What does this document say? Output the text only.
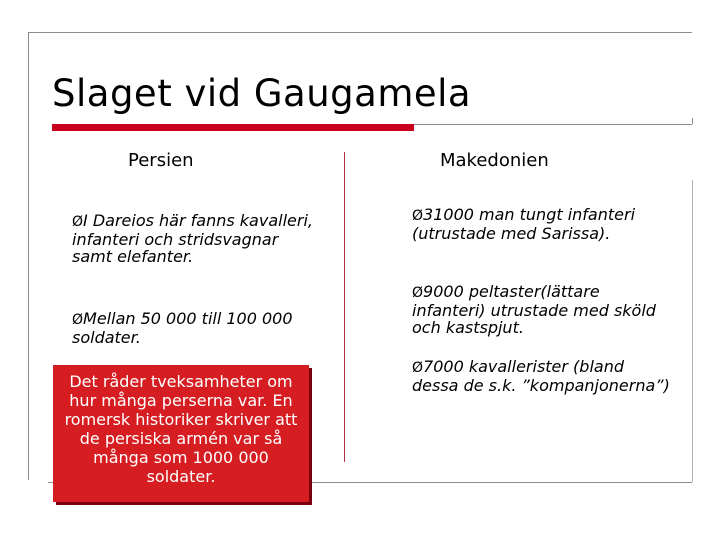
Slaget vid Gaugamela
Persien	Makedonien
ØI Dareios här fanns kavalleri, infanteri och stridsvagnar samt elefanter.
ØMellan 50 000 till 100 000 soldater.
Ø31000 man tungt infanteri (utrustade med Sarissa).
Ø9000 peltaster(lättare infanteri) utrustade med sköld och kastspjut.
Ø7000 kavallerister (bland dessa de s.k. ”kompanjonerna”)
Det råder tveksamheter om hur många perserna var. En romersk historiker skriver att de persiska armén var så många som 1000 000 soldater.
